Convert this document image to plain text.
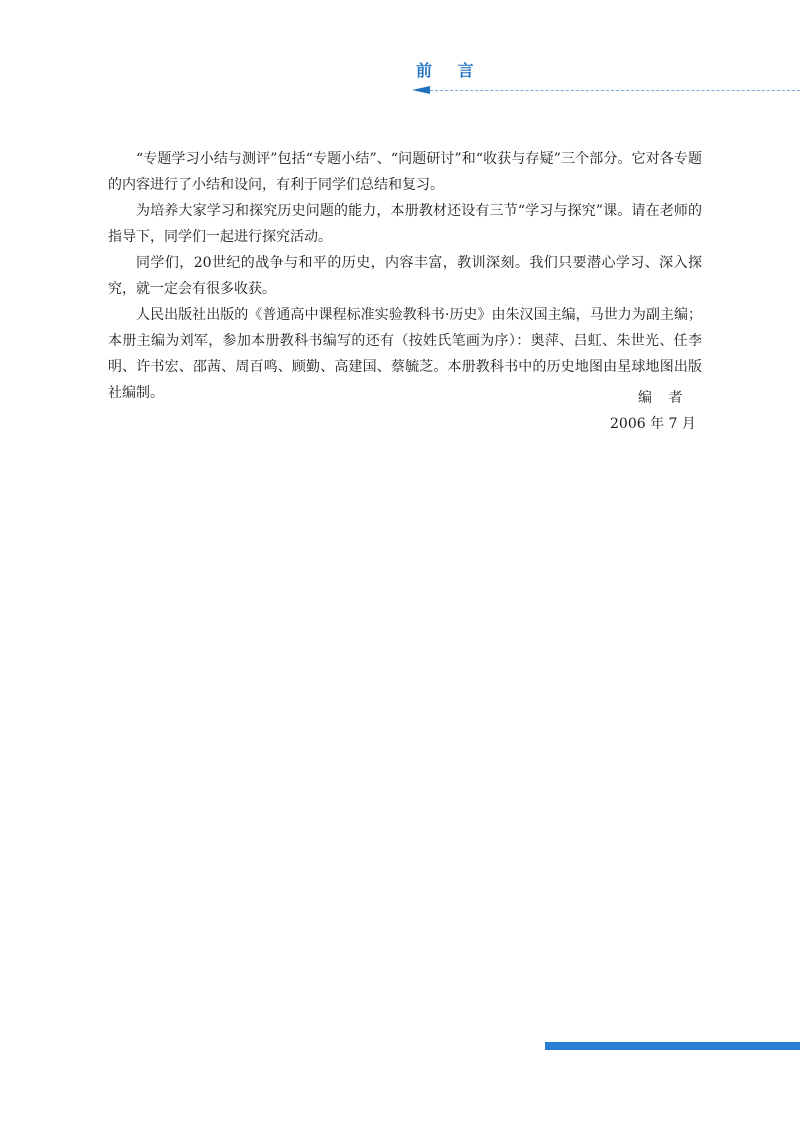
前 言

“专题学习小结与测评”包括“专题小结”、“问题研讨”和“收获与存疑”三个部分。它对各专题的内容进行了小结和设问，有利于同学们总结和复习。

为培养大家学习和探究历史问题的能力，本册教材还设有三节“学习与探究”课。请在老师的指导下，同学们一起进行探究活动。

同学们，20世纪的战争与和平的历史，内容丰富，教训深刻。我们只要潜心学习、深入探究，就一定会有很多收获。

人民出版社出版的《普通高中课程标准实验教科书·历史》由朱汉国主编，马世力为副主编；本册主编为刘军，参加本册教科书编写的还有（按姓氏笔画为序）：奥萍、吕虹、朱世光、任李明、许书宏、邵茜、周百鸣、顾勤、高建国、蔡毓芝。本册教科书中的历史地图由星球地图出版社编制。	编 者
2006 年 7 月
